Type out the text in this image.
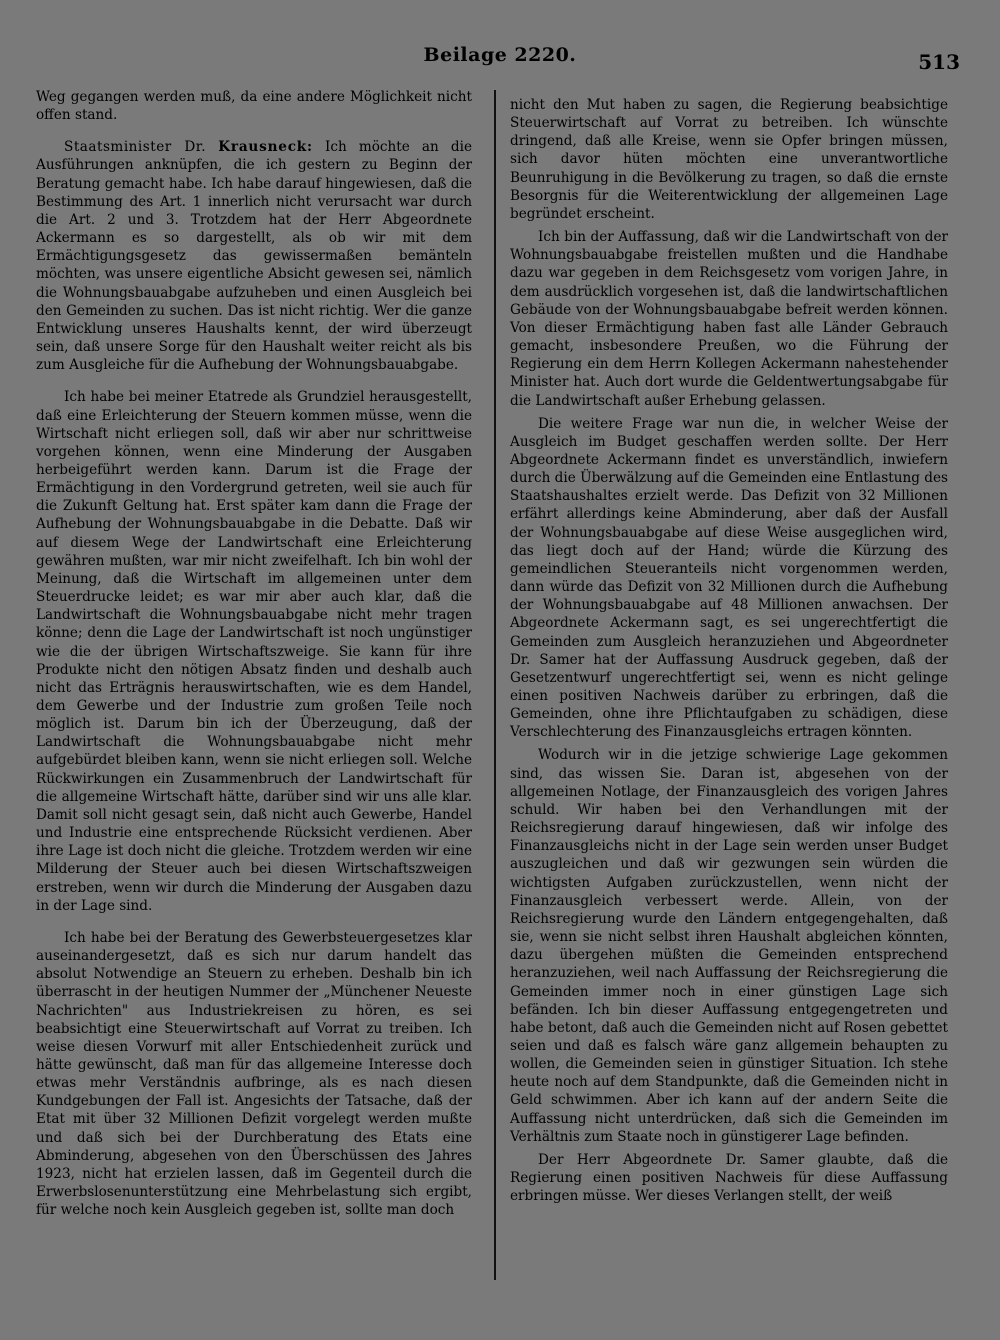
Beilage 2220.	513

Weg gegangen werden muß, da eine andere Möglichkeit nicht offen stand.

Staatsminister Dr. Krausneck: Ich möchte an die Ausführungen anknüpfen, die ich gestern zu Beginn der Beratung gemacht habe. Ich habe darauf hingewiesen, daß die Bestimmung des Art. 1 innerlich nicht verursacht war durch die Art. 2 und 3. Trotzdem hat der Herr Abgeordnete Ackermann es so dargestellt, als ob wir mit dem Ermächtigungsgesetz das gewissermaßen bemänteln möchten, was unsere eigentliche Absicht gewesen sei, nämlich die Wohnungsbauabgabe aufzuheben und einen Ausgleich bei den Gemeinden zu suchen. Das ist nicht richtig. Wer die ganze Entwicklung unseres Haushalts kennt, der wird überzeugt sein, daß unsere Sorge für den Haushalt weiter reicht als bis zum Ausgleiche für die Aufhebung der Wohnungsbauabgabe.

Ich habe bei meiner Etatrede als Grundziel herausgestellt, daß eine Erleichterung der Steuern kommen müsse, wenn die Wirtschaft nicht erliegen soll, daß wir aber nur schrittweise vorgehen können, wenn eine Minderung der Ausgaben herbeigeführt werden kann. Darum ist die Frage der Ermächtigung in den Vordergrund getreten, weil sie auch für die Zukunft Geltung hat. Erst später kam dann die Frage der Aufhebung der Wohnungsbauabgabe in die Debatte. Daß wir auf diesem Wege der Landwirtschaft eine Erleichterung gewähren mußten, war mir nicht zweifelhaft. Ich bin wohl der Meinung, daß die Wirtschaft im allgemeinen unter dem Steuerdrucke leidet; es war mir aber auch klar, daß die Landwirtschaft die Wohnungsbauabgabe nicht mehr tragen könne; denn die Lage der Landwirtschaft ist noch ungünstiger wie die der übrigen Wirtschaftszweige. Sie kann für ihre Produkte nicht den nötigen Absatz finden und deshalb auch nicht das Erträgnis herauswirtschaften, wie es dem Handel, dem Gewerbe und der Industrie zum großen Teile noch möglich ist. Darum bin ich der Überzeugung, daß der Landwirtschaft die Wohnungsbauabgabe nicht mehr aufgebürdet bleiben kann, wenn sie nicht erliegen soll. Welche Rückwirkungen ein Zusammenbruch der Landwirtschaft für die allgemeine Wirtschaft hätte, darüber sind wir uns alle klar. Damit soll nicht gesagt sein, daß nicht auch Gewerbe, Handel und Industrie eine entsprechende Rücksicht verdienen. Aber ihre Lage ist doch nicht die gleiche. Trotzdem werden wir eine Milderung der Steuer auch bei diesen Wirtschaftszweigen erstreben, wenn wir durch die Minderung der Ausgaben dazu in der Lage sind.

Ich habe bei der Beratung des Gewerbsteuergesetzes klar auseinandergesetzt, daß es sich nur darum handelt das absolut Notwendige an Steuern zu erheben. Deshalb bin ich überrascht in der heutigen Nummer der „Münchener Neueste Nachrichten" aus Industriekreisen zu hören, es sei beabsichtigt eine Steuerwirtschaft auf Vorrat zu treiben. Ich weise diesen Vorwurf mit aller Entschiedenheit zurück und hätte gewünscht, daß man für das allgemeine Interesse doch etwas mehr Verständnis aufbringe, als es nach diesen Kundgebungen der Fall ist. Angesichts der Tatsache, daß der Etat mit über 32 Millionen Defizit vorgelegt werden mußte und daß sich bei der Durchberatung des Etats eine Abminderung, abgesehen von den Überschüssen des Jahres 1923, nicht hat erzielen lassen, daß im Gegenteil durch die Erwerbslosenunterstützung eine Mehrbelastung sich ergibt, für welche noch kein Ausgleich gegeben ist, sollte man doch

nicht den Mut haben zu sagen, die Regierung beabsichtige Steuerwirtschaft auf Vorrat zu betreiben. Ich wünschte dringend, daß alle Kreise, wenn sie Opfer bringen müssen, sich davor hüten möchten eine unverantwortliche Beunruhigung in die Bevölkerung zu tragen, so daß die ernste Besorgnis für die Weiterentwicklung der allgemeinen Lage begründet erscheint.

Ich bin der Auffassung, daß wir die Landwirtschaft von der Wohnungsbauabgabe freistellen mußten und die Handhabe dazu war gegeben in dem Reichsgesetz vom vorigen Jahre, in dem ausdrücklich vorgesehen ist, daß die landwirtschaftlichen Gebäude von der Wohnungsbauabgabe befreit werden können. Von dieser Ermächtigung haben fast alle Länder Gebrauch gemacht, insbesondere Preußen, wo die Führung der Regierung ein dem Herrn Kollegen Ackermann nahestehender Minister hat. Auch dort wurde die Geldentwertungsabgabe für die Landwirtschaft außer Erhebung gelassen.

Die weitere Frage war nun die, in welcher Weise der Ausgleich im Budget geschaffen werden sollte. Der Herr Abgeordnete Ackermann findet es unverständlich, inwiefern durch die Überwälzung auf die Gemeinden eine Entlastung des Staatshaushaltes erzielt werde. Das Defizit von 32 Millionen erfährt allerdings keine Abminderung, aber daß der Ausfall der Wohnungsbauabgabe auf diese Weise ausgeglichen wird, das liegt doch auf der Hand; würde die Kürzung des gemeindlichen Steueranteils nicht vorgenommen werden, dann würde das Defizit von 32 Millionen durch die Aufhebung der Wohnungsbauabgabe auf 48 Millionen anwachsen. Der Abgeordnete Ackermann sagt, es sei ungerechtfertigt die Gemeinden zum Ausgleich heranzuziehen und Abgeordneter Dr. Samer hat der Auffassung Ausdruck gegeben, daß der Gesetzentwurf ungerechtfertigt sei, wenn es nicht gelinge einen positiven Nachweis darüber zu erbringen, daß die Gemeinden, ohne ihre Pflichtaufgaben zu schädigen, diese Verschlechterung des Finanzausgleichs ertragen könnten.

Wodurch wir in die jetzige schwierige Lage gekommen sind, das wissen Sie. Daran ist, abgesehen von der allgemeinen Notlage, der Finanzausgleich des vorigen Jahres schuld. Wir haben bei den Verhandlungen mit der Reichsregierung darauf hingewiesen, daß wir infolge des Finanzausgleichs nicht in der Lage sein werden unser Budget auszugleichen und daß wir gezwungen sein würden die wichtigsten Aufgaben zurückzustellen, wenn nicht der Finanzausgleich verbessert werde. Allein, von der Reichsregierung wurde den Ländern entgegengehalten, daß sie, wenn sie nicht selbst ihren Haushalt abgleichen könnten, dazu übergehen müßten die Gemeinden entsprechend heranzuziehen, weil nach Auffassung der Reichsregierung die Gemeinden immer noch in einer günstigen Lage sich befänden. Ich bin dieser Auffassung entgegengetreten und habe betont, daß auch die Gemeinden nicht auf Rosen gebettet seien und daß es falsch wäre ganz allgemein behaupten zu wollen, die Gemeinden seien in günstiger Situation. Ich stehe heute noch auf dem Standpunkte, daß die Gemeinden nicht in Geld schwimmen. Aber ich kann auf der andern Seite die Auffassung nicht unterdrücken, daß sich die Gemeinden im Verhältnis zum Staate noch in günstigerer Lage befinden.

Der Herr Abgeordnete Dr. Samer glaubte, daß die Regierung einen positiven Nachweis für diese Auffassung erbringen müsse. Wer dieses Verlangen stellt, der weiß
